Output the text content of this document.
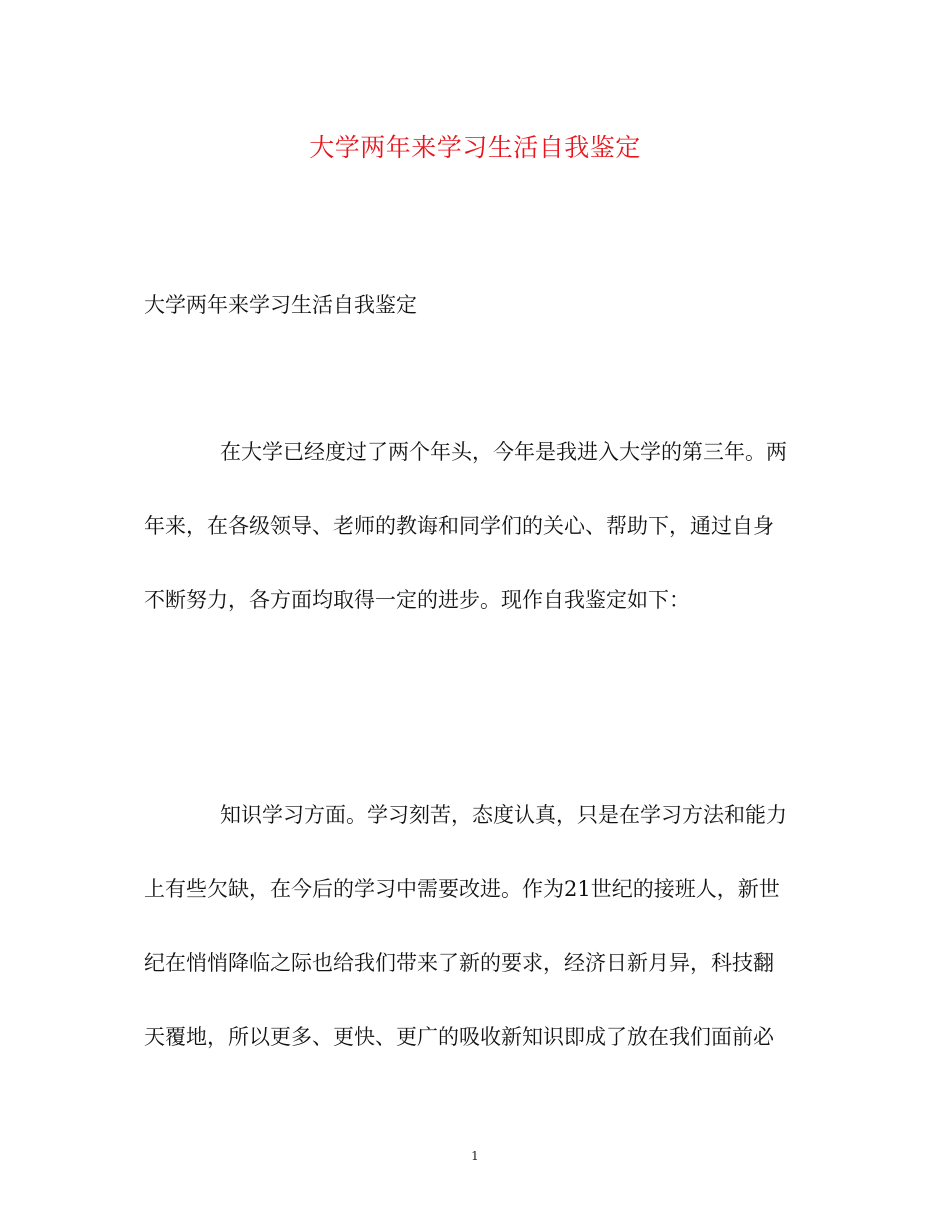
大学两年来学习生活自我鉴定
大学两年来学习生活自我鉴定
在大学已经度过了两个年头，今年是我进入大学的第三年。两
年来，在各级领导、老师的教诲和同学们的关心、帮助下，通过自身
不断努力，各方面均取得一定的进步。现作自我鉴定如下：
知识学习方面。学习刻苦，态度认真，只是在学习方法和能力
上有些欠缺，在今后的学习中需要改进。作为21世纪的接班人，新世
纪在悄悄降临之际也给我们带来了新的要求，经济日新月异，科技翻
天覆地，所以更多、更快、更广的吸收新知识即成了放在我们面前必
1
